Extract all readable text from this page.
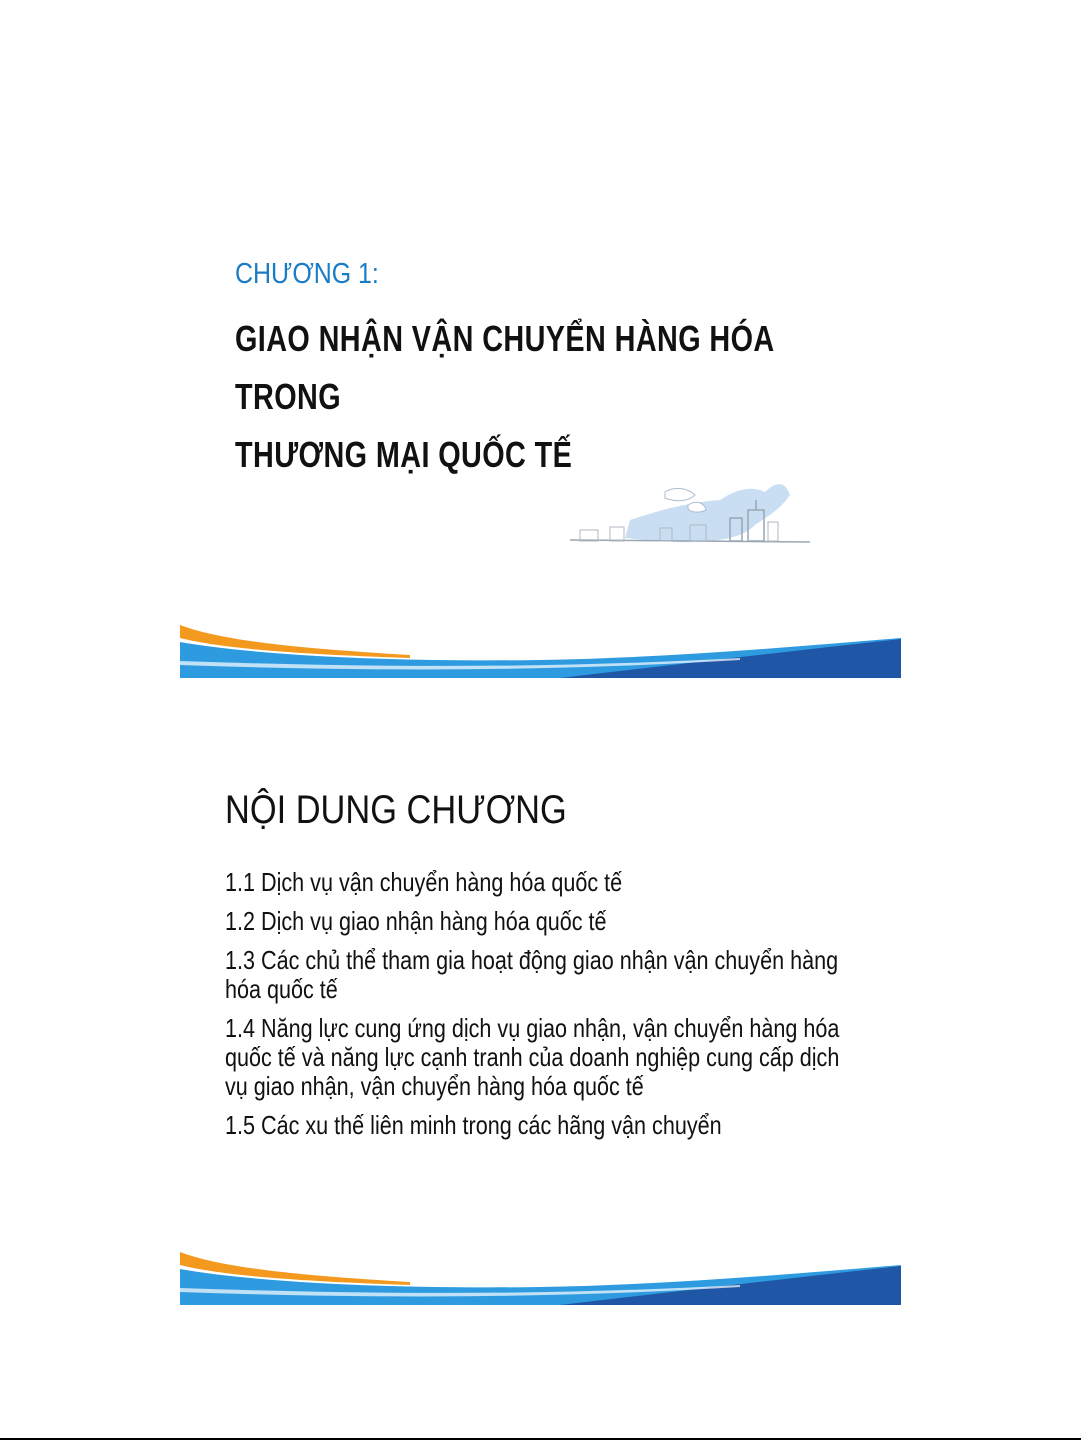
CHƯƠNG 1:
GIAO NHẬN VẬN CHUYỂN HÀNG HÓA TRONG
THƯƠNG MẠI QUỐC TẾ
NỘI DUNG CHƯƠNG
1.1 Dịch vụ vận chuyển hàng hóa quốc tế
1.2 Dịch vụ giao nhận hàng hóa quốc tế
1.3 Các chủ thể tham gia hoạt động giao nhận vận chuyển hàng hóa quốc tế
1.4 Năng lực cung ứng dịch vụ giao nhận, vận chuyển hàng hóa quốc tế và năng lực cạnh tranh của doanh nghiệp cung cấp dịch vụ giao nhận, vận chuyển hàng hóa quốc tế
1.5 Các xu thế liên minh trong các hãng vận chuyển
